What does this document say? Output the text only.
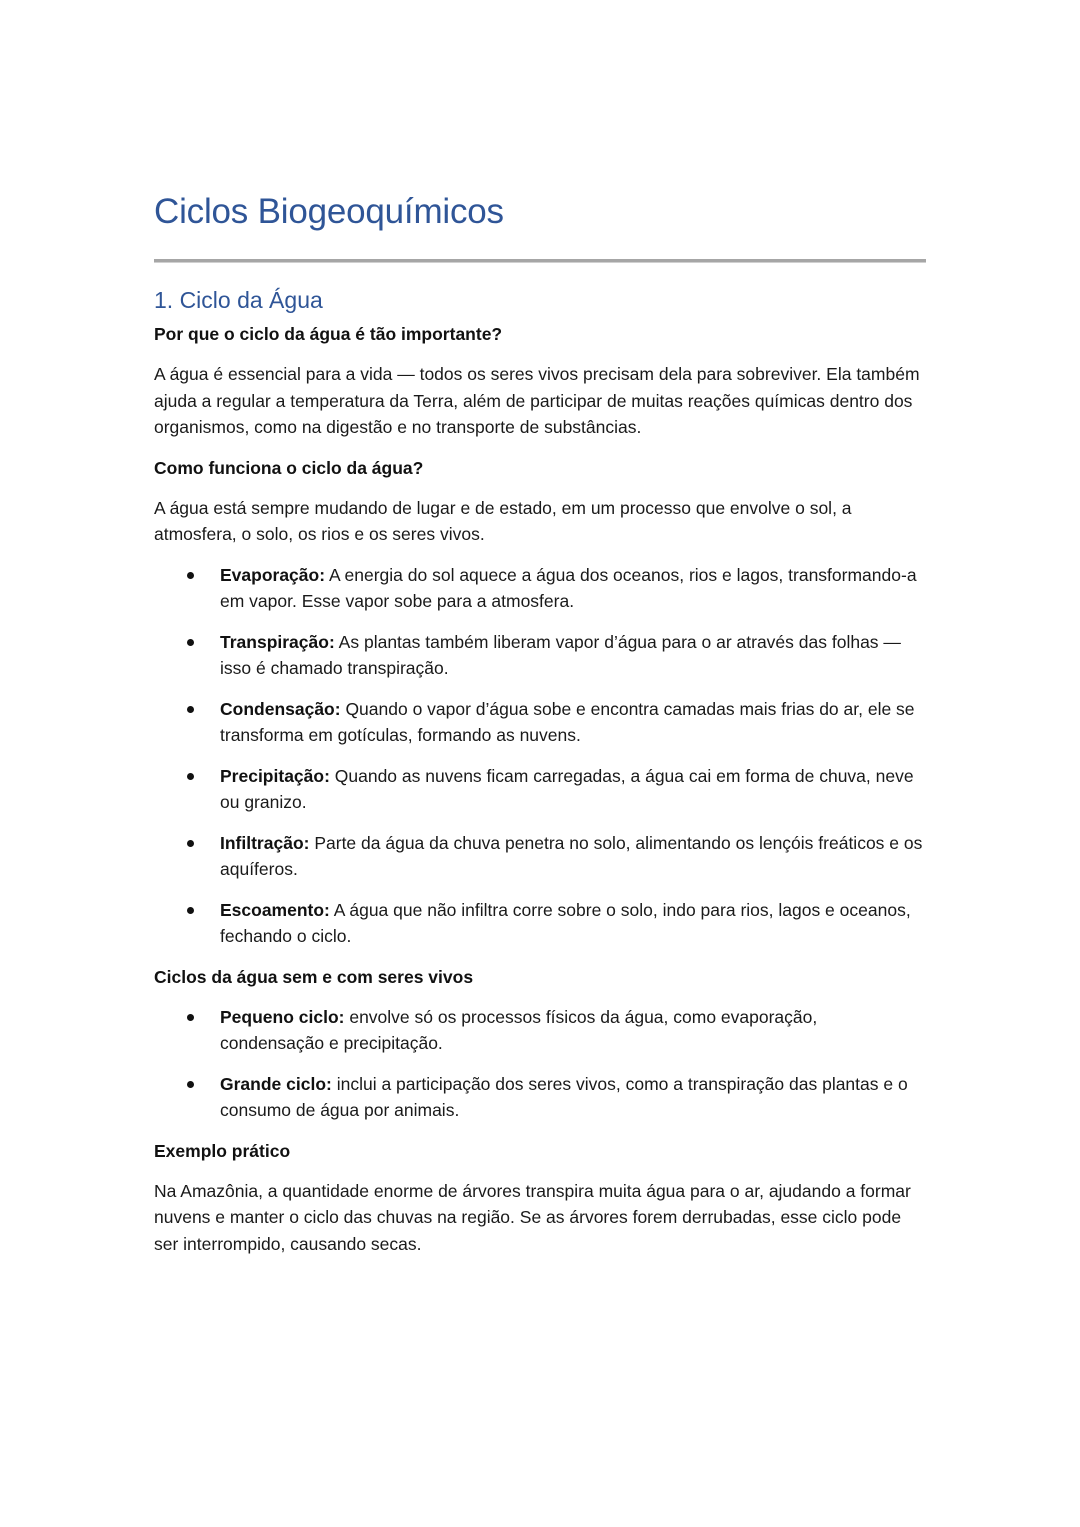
Ciclos Biogeoquímicos
1. Ciclo da Água
Por que o ciclo da água é tão importante?

A água é essencial para a vida — todos os seres vivos precisam dela para sobreviver. Ela também ajuda a regular a temperatura da Terra, além de participar de muitas reações químicas dentro dos organismos, como na digestão e no transporte de substâncias.

Como funciona o ciclo da água?

A água está sempre mudando de lugar e de estado, em um processo que envolve o sol, a atmosfera, o solo, os rios e os seres vivos.

Evaporação: A energia do sol aquece a água dos oceanos, rios e lagos, transformando-a em vapor. Esse vapor sobe para a atmosfera.
Transpiração: As plantas também liberam vapor d’água para o ar através das folhas — isso é chamado transpiração.
Condensação: Quando o vapor d’água sobe e encontra camadas mais frias do ar, ele se transforma em gotículas, formando as nuvens.
Precipitação: Quando as nuvens ficam carregadas, a água cai em forma de chuva, neve ou granizo.
Infiltração: Parte da água da chuva penetra no solo, alimentando os lençóis freáticos e os aquíferos.
Escoamento: A água que não infiltra corre sobre o solo, indo para rios, lagos e oceanos, fechando o ciclo.
Ciclos da água sem e com seres vivos
Pequeno ciclo: envolve só os processos físicos da água, como evaporação, condensação e precipitação.
Grande ciclo: inclui a participação dos seres vivos, como a transpiração das plantas e o consumo de água por animais.
Exemplo prático

Na Amazônia, a quantidade enorme de árvores transpira muita água para o ar, ajudando a formar nuvens e manter o ciclo das chuvas na região. Se as árvores forem derrubadas, esse ciclo pode ser interrompido, causando secas.
